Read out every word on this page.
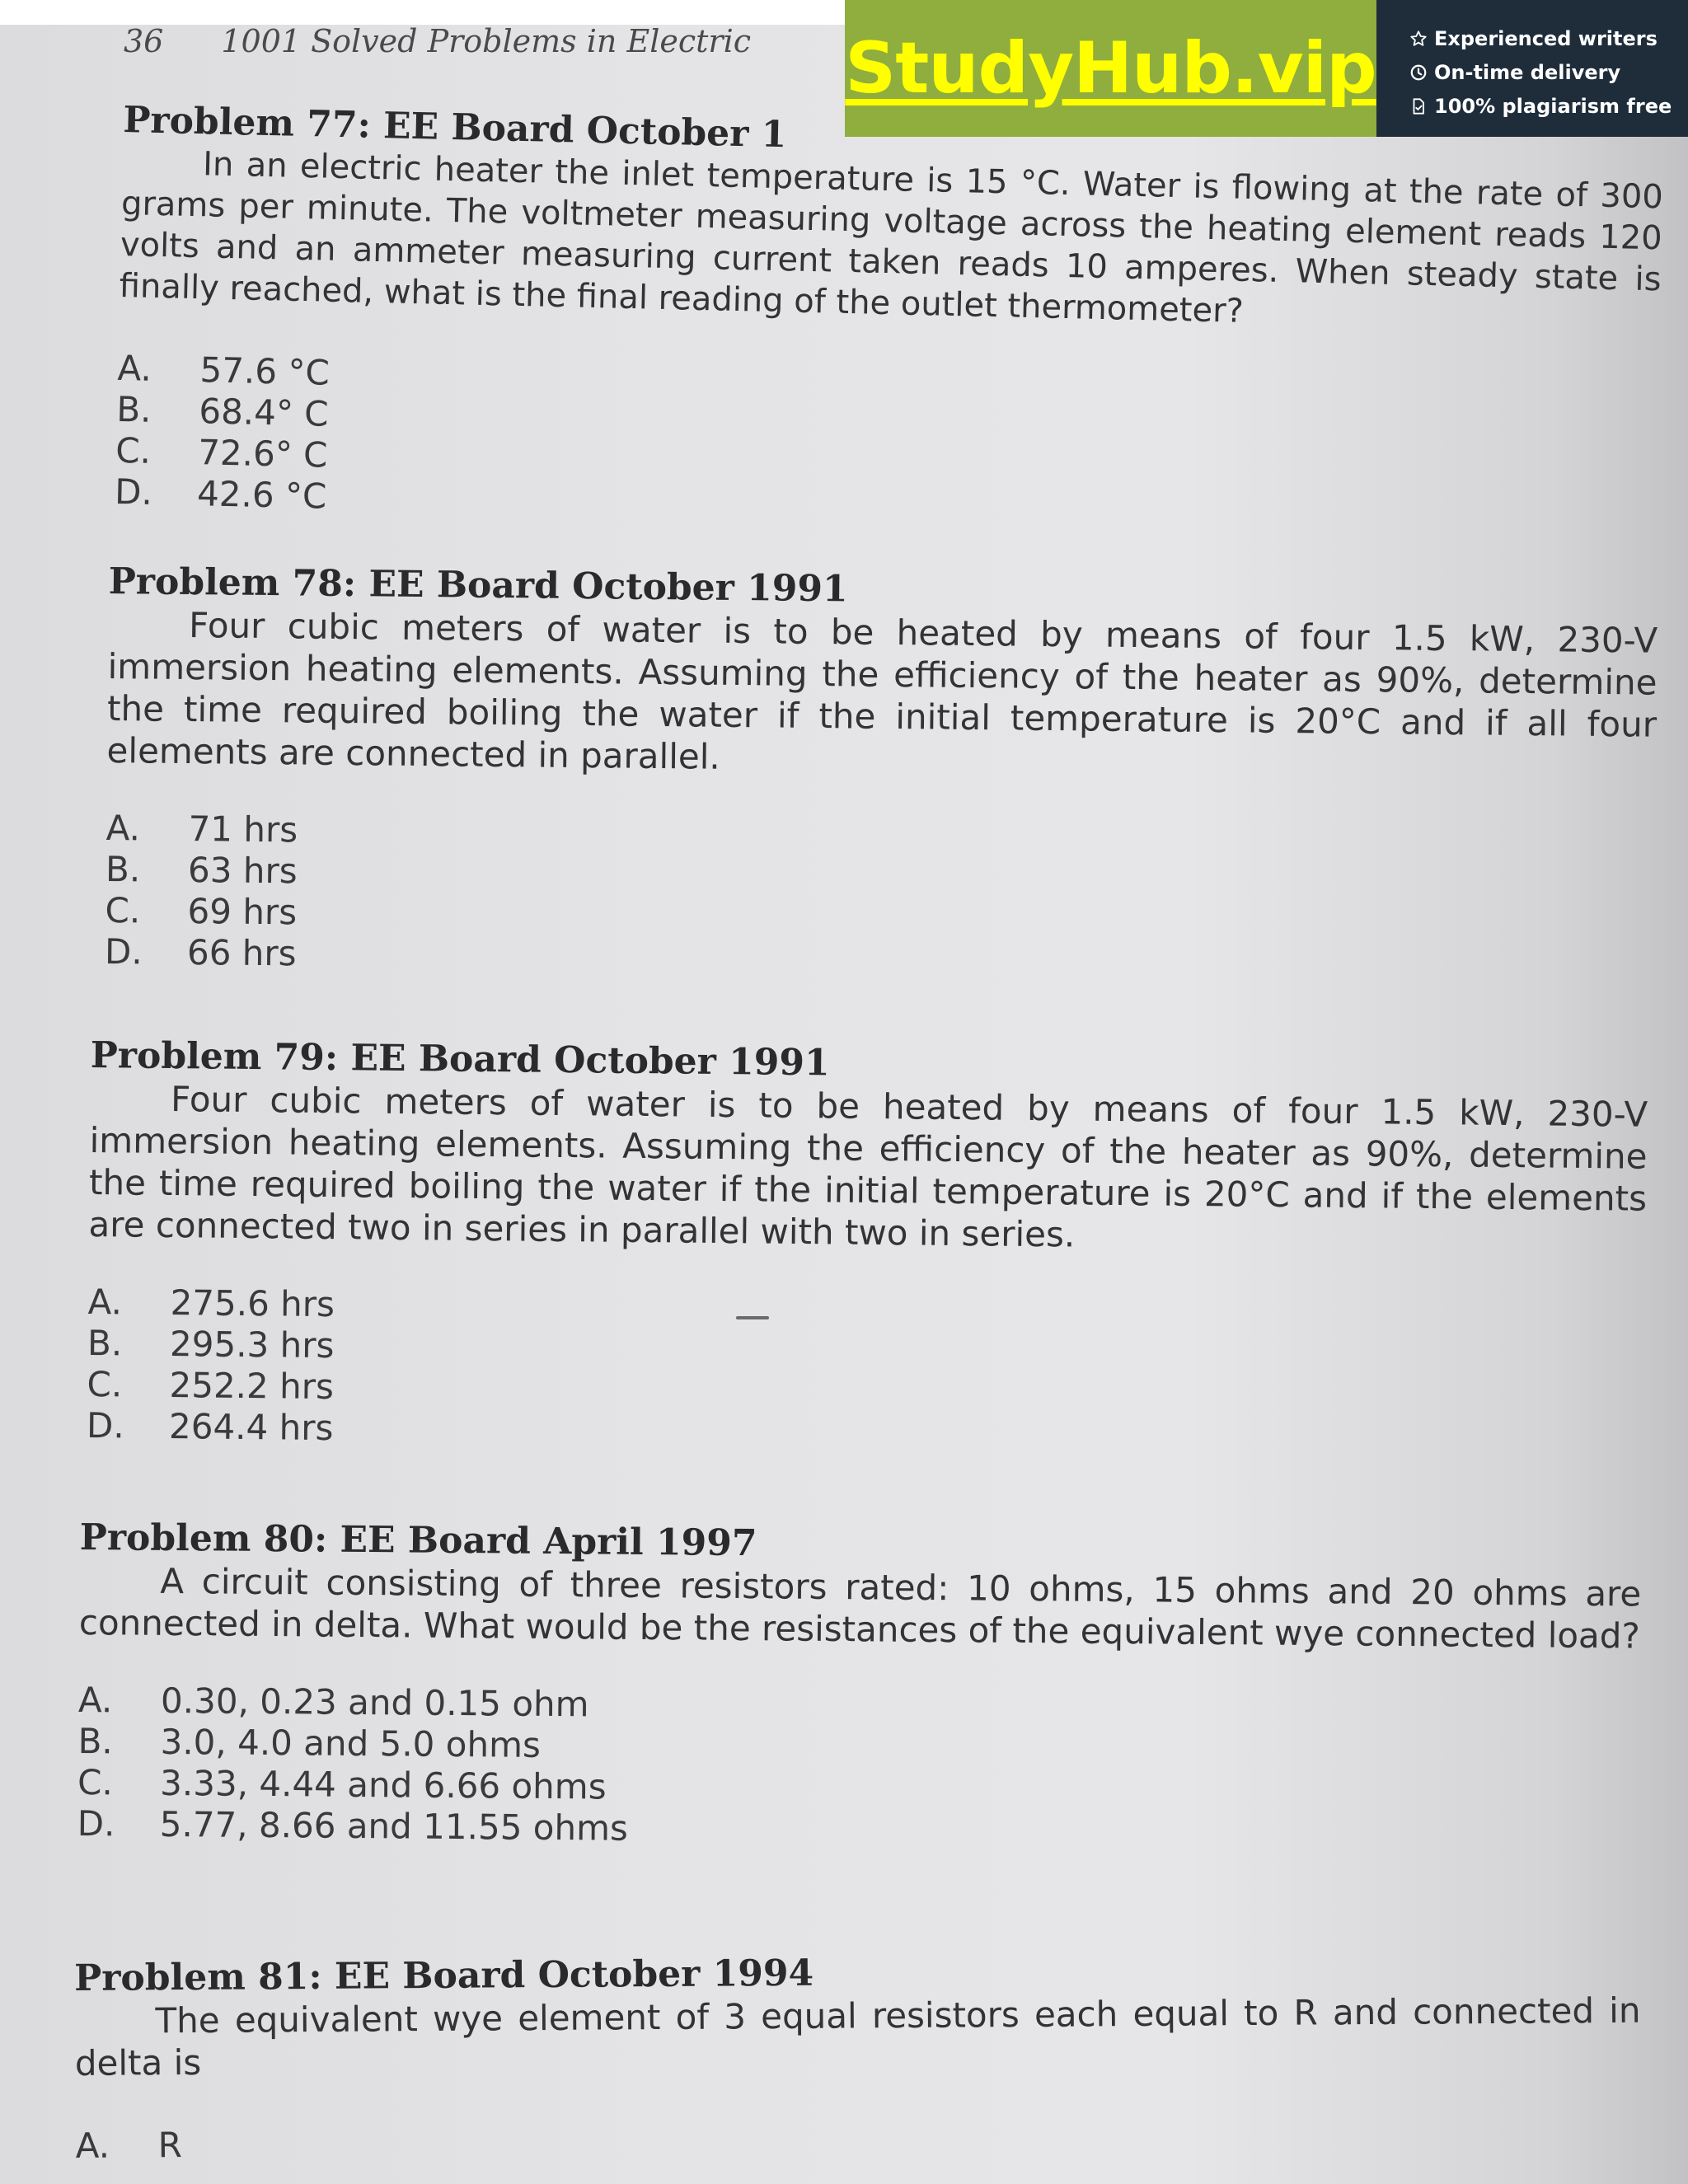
36 1001 Solved Problems in Electric
Problem 77: EE Board October 1
In an electric heater the inlet temperature is 15 °C. Water is flowing at the rate of 300 grams per minute. The voltmeter measuring voltage across the heating element reads 120 volts and an ammeter measuring current taken reads 10 amperes. When steady state is finally reached, what is the final reading of the outlet thermometer?
A.	57.6 °C
B.	68.4° C
C.	72.6° C
D.	42.6 °C
Problem 78: EE Board October 1991
Four cubic meters of water is to be heated by means of four 1.5 kW, 230-V immersion heating elements. Assuming the efficiency of the heater as 90%, determine the time required boiling the water if the initial temperature is 20°C and if all four elements are connected in parallel.
A.	71 hrs
B.	63 hrs
C.	69 hrs
D.	66 hrs
Problem 79: EE Board October 1991
Four cubic meters of water is to be heated by means of four 1.5 kW, 230-V immersion heating elements. Assuming the efficiency of the heater as 90%, determine the time required boiling the water if the initial temperature is 20°C and if the elements are connected two in series in parallel with two in series.
A.	275.6 hrs
B.	295.3 hrs
C.	252.2 hrs
D.	264.4 hrs
Problem 80: EE Board April 1997
A circuit consisting of three resistors rated: 10 ohms, 15 ohms and 20 ohms are connected in delta. What would be the resistances of the equivalent wye connected load?
A.	0.30, 0.23 and 0.15 ohm
B.	3.0, 4.0 and 5.0 ohms
C.	3.33, 4.44 and 6.66 ohms
D.	5.77, 8.66 and 11.55 ohms
Problem 81: EE Board October 1994
The equivalent wye element of 3 equal resistors each equal to R and connected in delta is
A.	R
StudyHub.vip	Experienced writers
On-time delivery
100% plagiarism free
